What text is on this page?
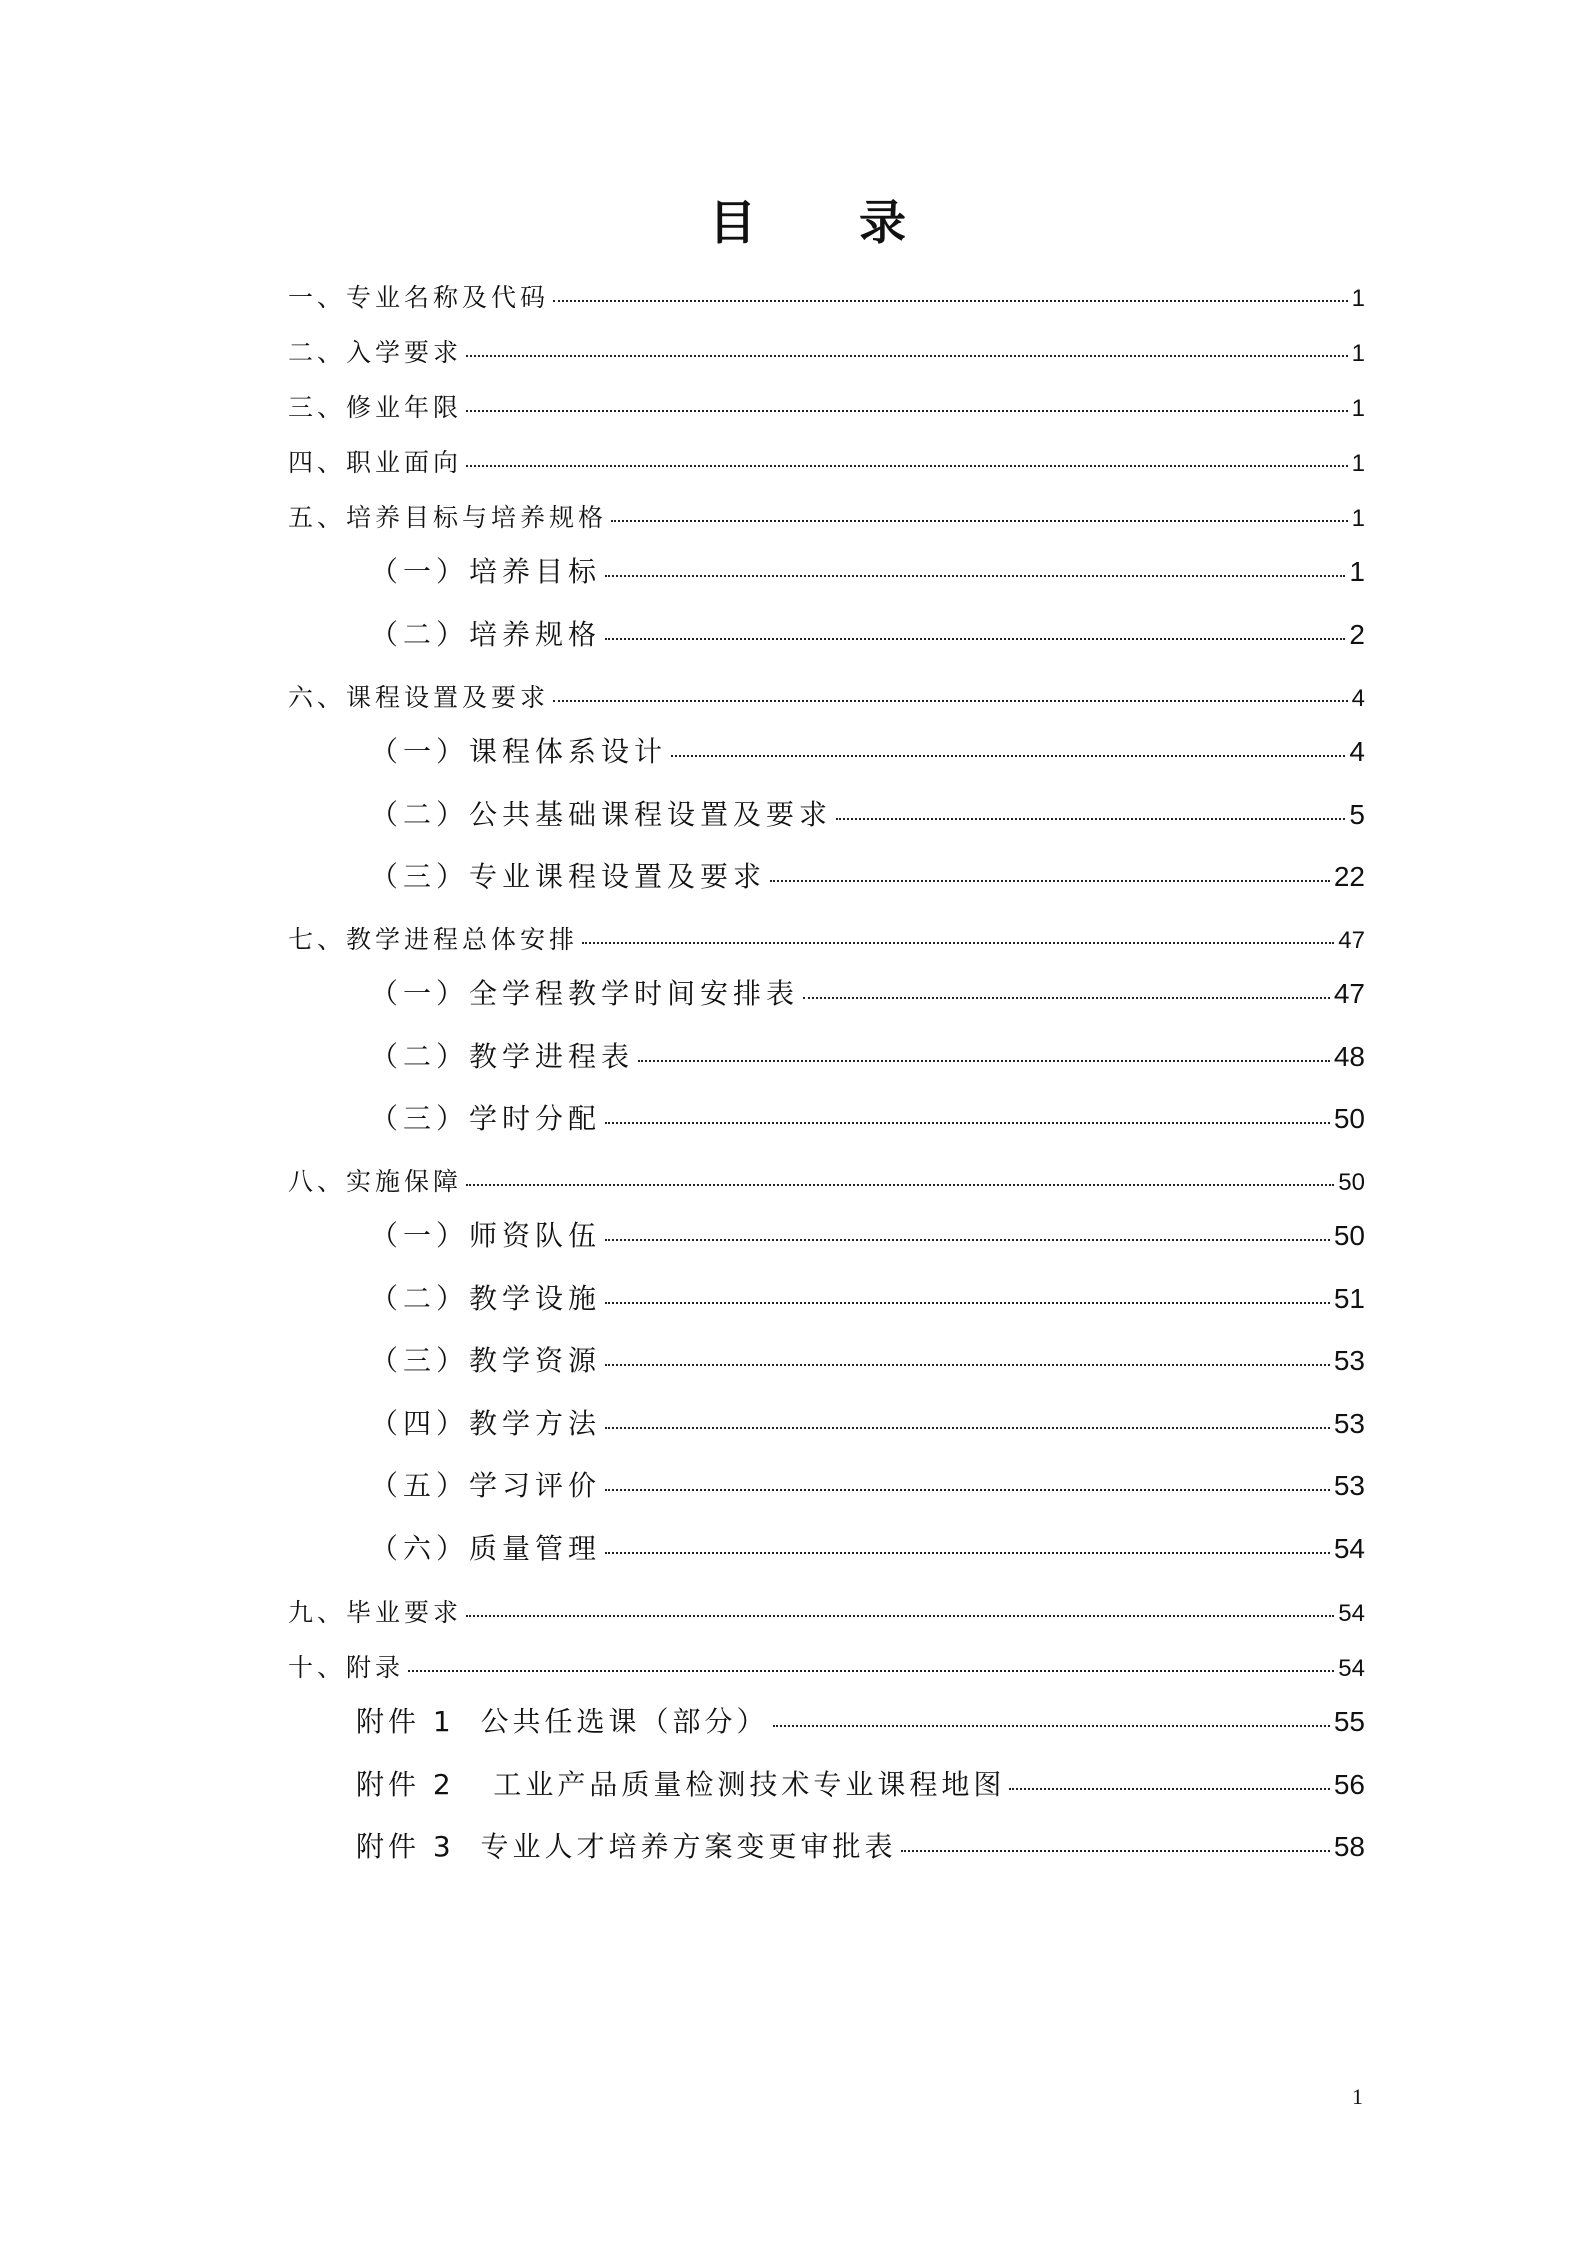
目　录
一、专业名称及代码	1
二、入学要求	1
三、修业年限	1
四、职业面向	1
五、培养目标与培养规格	1
（一）培养目标	1
（二）培养规格	2
六、课程设置及要求	4
（一）课程体系设计	4
（二）公共基础课程设置及要求	5
（三）专业课程设置及要求	22
七、教学进程总体安排	47
（一）全学程教学时间安排表	47
（二）教学进程表	48
（三）学时分配	50
八、实施保障	50
（一）师资队伍	50
（二）教学设施	51
（三）教学资源	53
（四）教学方法	53
（五）学习评价	53
（六）质量管理	54
九、毕业要求	54
十、附录	54
附件 1  公共任选课（部分）	55
附件 2   工业产品质量检测技术专业课程地图	56
附件 3  专业人才培养方案变更审批表	58
1
